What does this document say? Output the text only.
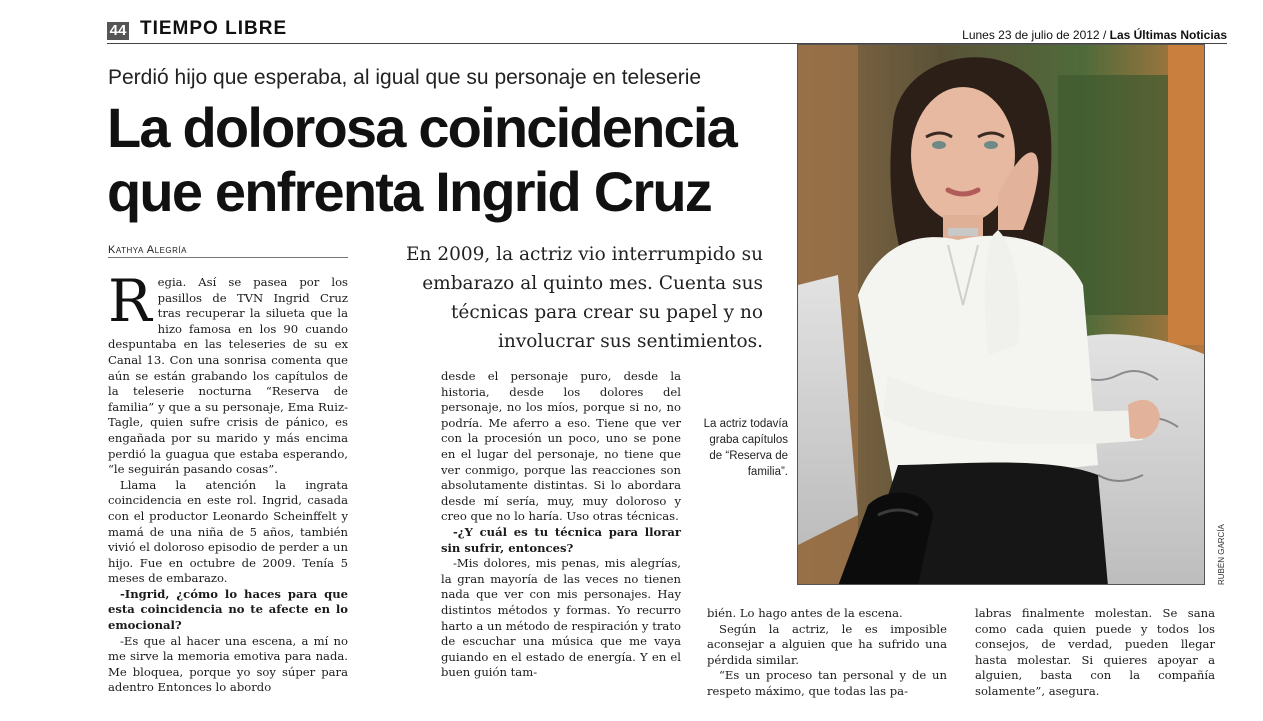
44 TIEMPO LIBRE	Lunes 23 de julio de 2012 / Las Últimas Noticias
Perdió hijo que esperaba, al igual que su personaje en teleserie
La dolorosa coincidencia
que enfrenta Ingrid Cruz
Kathya Alegría	En 2009, la actriz vio interrumpido su embarazo al quinto mes. Cuenta sus técnicas para crear su papel y no involucrar sus sentimientos.

Regia. Así se pasea por los pasillos de TVN Ingrid Cruz tras recuperar la silueta que la hizo famosa en los 90 cuando despuntaba en las teleseries de su ex Canal 13. Con una sonrisa comenta que aún se están grabando los capítulos de la teleserie nocturna “Reserva de familia” y que a su personaje, Ema Ruiz-Tagle, quien sufre crisis de pánico, es engañada por su marido y más encima perdió la guagua que estaba esperando, “le seguirán pasando cosas”.

Llama la atención la ingrata coincidencia en este rol. Ingrid, casada con el productor Leonardo Scheinffelt y mamá de una niña de 5 años, también vivió el doloroso episodio de perder a un hijo. Fue en octubre de 2009. Tenía 5 meses de embarazo.

-Ingrid, ¿cómo lo haces para que esta coincidencia no te afecte en lo emocional?

-Es que al hacer una escena, a mí no me sirve la memoria emotiva para nada. Me bloquea, porque yo soy súper para adentro Entonces lo abordo

desde el personaje puro, desde la historia, desde los dolores del personaje, no los míos, porque si no, no podría. Me aferro a eso. Tiene que ver con la procesión un poco, uno se pone en el lugar del personaje, no tiene que ver conmigo, porque las reacciones son absolutamente distintas. Si lo abordara desde mí sería, muy, muy doloroso y creo que no lo haría. Uso otras técnicas.

-¿Y cuál es tu técnica para llorar sin sufrir, entonces?

-Mis dolores, mis penas, mis alegrías, la gran mayoría de las veces no tienen nada que ver con mis personajes. Hay distintos métodos y formas. Yo recurro harto a un método de respiración y trato de escuchar una música que me vaya guiando en el estado de energía. Y en el buen guión tam-

bién. Lo hago antes de la escena.

Según la actriz, le es imposible aconsejar a alguien que ha sufrido una pérdida similar.

“Es un proceso tan personal y de un respeto máximo, que todas las pa-

labras finalmente molestan. Se sana como cada quien puede y todos los consejos, de verdad, pueden llegar hasta molestar. Si quieres apoyar a alguien, basta con la compañía solamente”, asegura.

La actriz todavía graba capítulos de “Reserva de familia”.
RUBÉN GARCÍA
